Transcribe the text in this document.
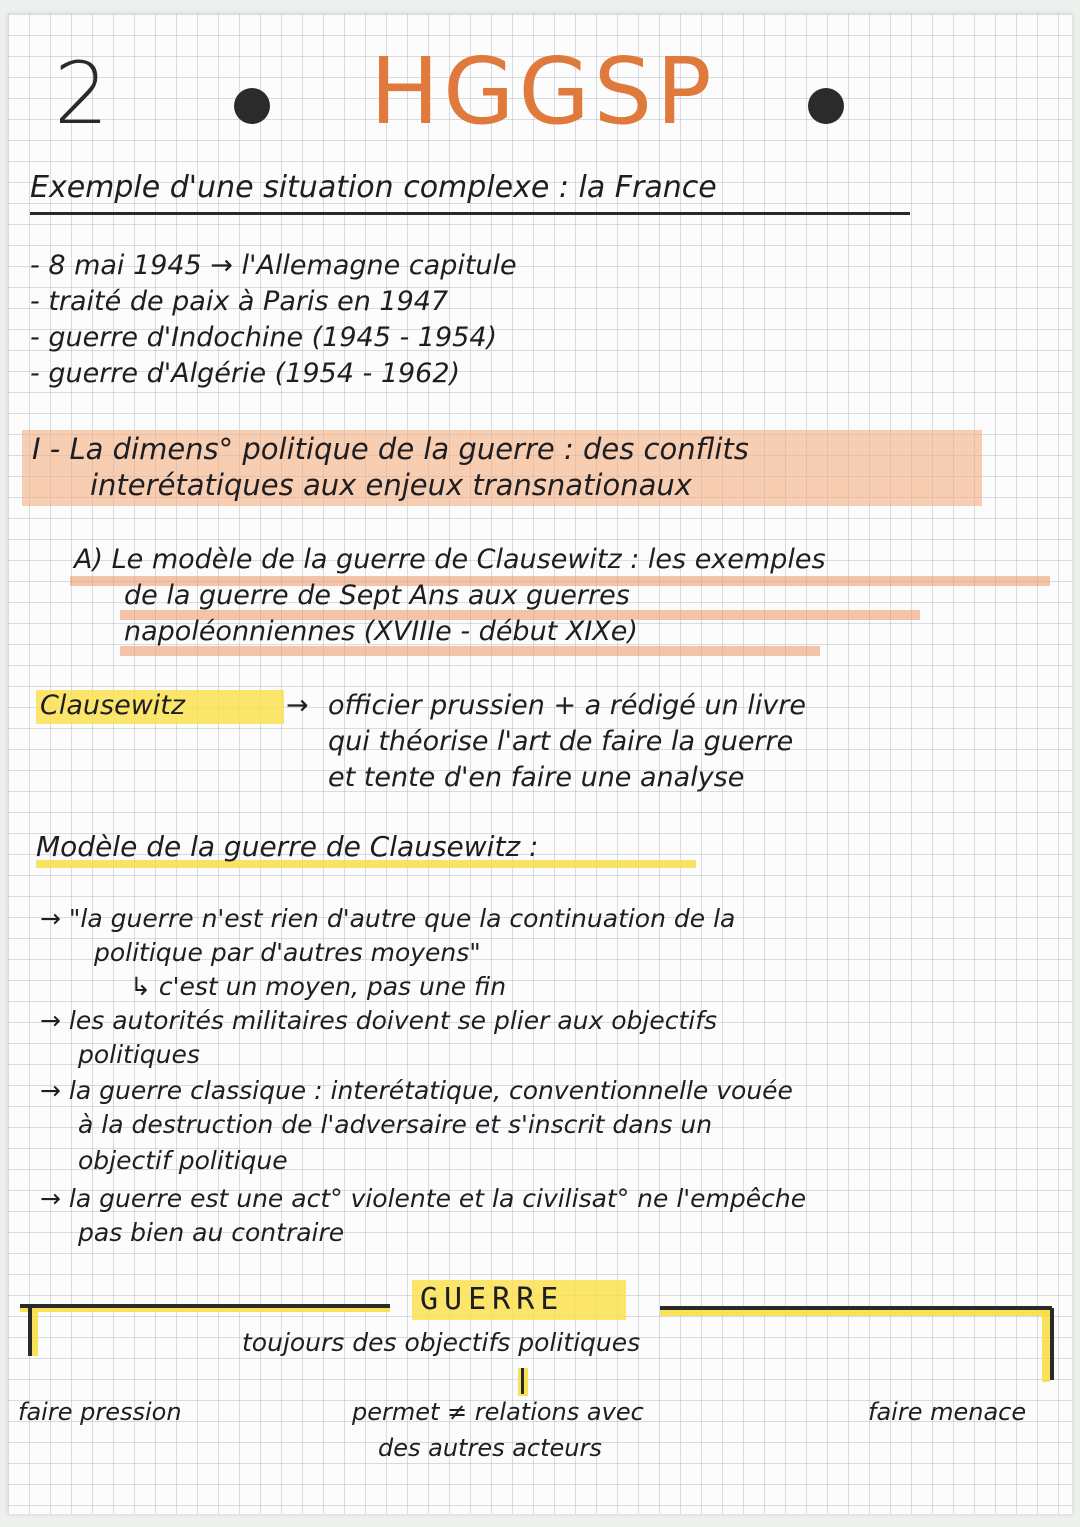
2	HGGSP
Exemple d'une situation complexe : la France
- 8 mai 1945 → l'Allemagne capitule
- traité de paix à Paris en 1947
- guerre d'Indochine (1945 - 1954)
- guerre d'Algérie (1954 - 1962)
I - La dimens° politique de la guerre : des conflits
interétatiques aux enjeux transnationaux
A) Le modèle de la guerre de Clausewitz : les exemples
de la guerre de Sept Ans aux guerres
napoléonniennes (XVIIIe - début XIXe)
Clausewitz	→ officier prussien + a rédigé un livre
qui théorise l'art de faire la guerre
et tente d'en faire une analyse
Modèle de la guerre de Clausewitz :
→ "la guerre n'est rien d'autre que la continuation de la
politique par d'autres moyens"
↳ c'est un moyen, pas une fin
→ les autorités militaires doivent se plier aux objectifs
politiques
→ la guerre classique : interétatique, conventionnelle vouée
à la destruction de l'adversaire et s'inscrit dans un
objectif politique
→ la guerre est une act° violente et la civilisat° ne l'empêche
pas bien au contraire
GUERRE
toujours des objectifs politiques
faire pression	permet ≠ relations avec
des autres acteurs
faire menace
